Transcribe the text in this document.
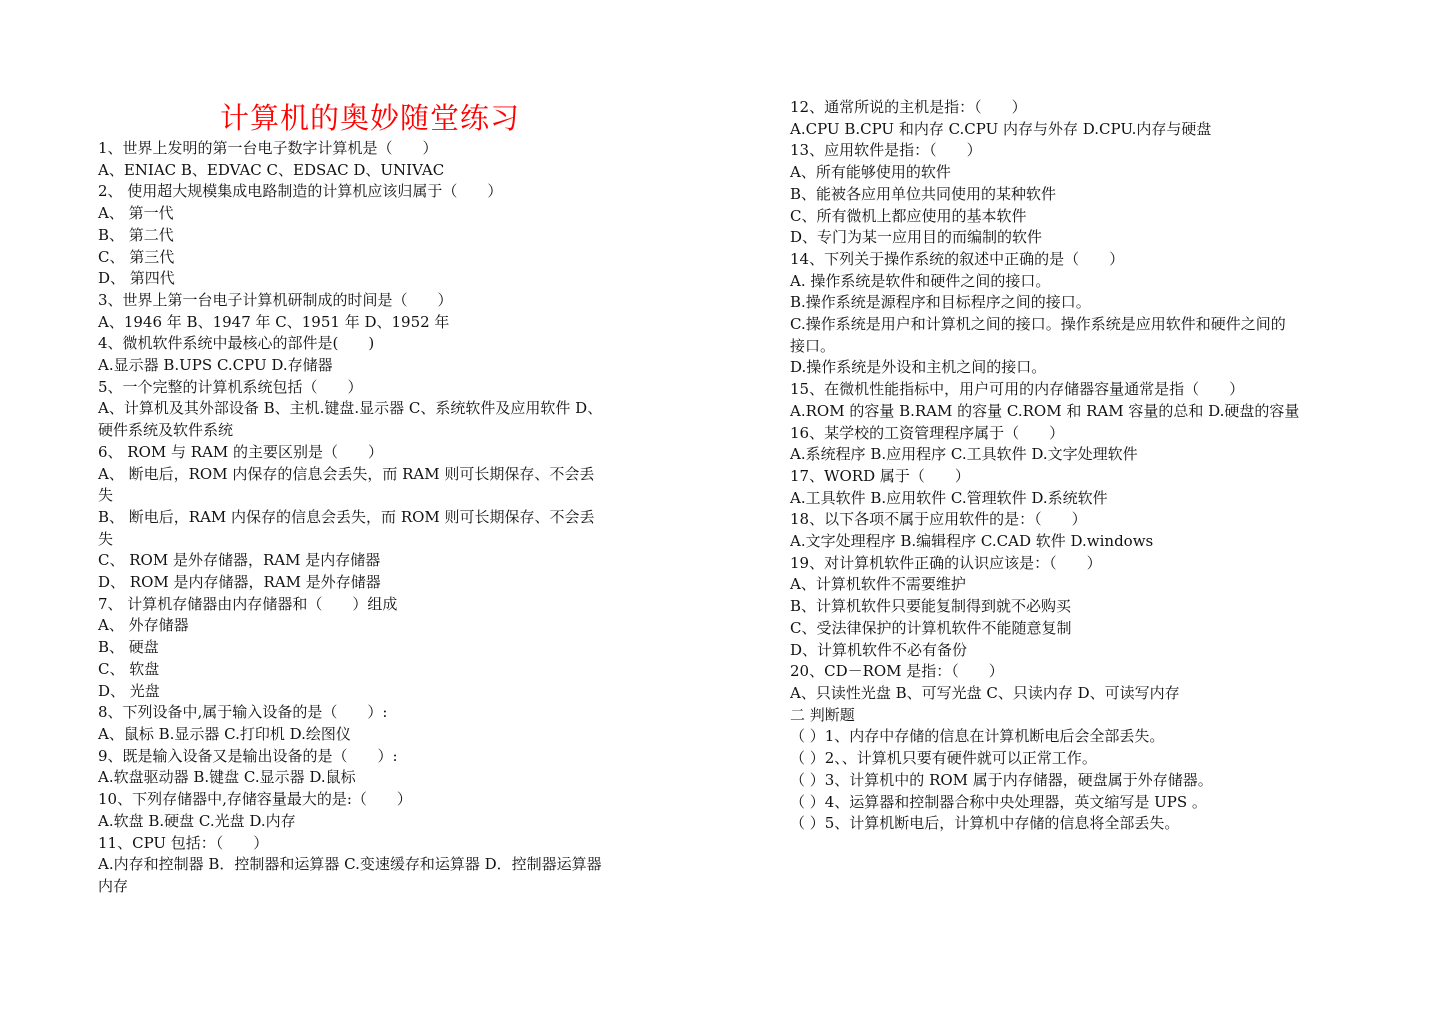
计算机的奥妙随堂练习
1、世界上发明的第一台电子数字计算机是（　　）
A、ENIAC B、EDVAC C、EDSAC D、UNIVAC
2、 使用超大规模集成电路制造的计算机应该归属于（　　）
A、 第一代
B、 第二代
C、 第三代
D、 第四代
3、世界上第一台电子计算机研制成的时间是（　　）
A、1946 年 B、1947 年 C、1951 年 D、1952 年
4、微机软件系统中最核心的部件是(　　)
A.显示器 B.UPS C.CPU D.存储器
5、一个完整的计算机系统包括（　　）
A、计算机及其外部设备 B、主机.键盘.显示器 C、系统软件及应用软件 D、
硬件系统及软件系统
6、 ROM 与 RAM 的主要区别是（　　）
A、 断电后，ROM 内保存的信息会丢失，而 RAM 则可长期保存、不会丢
失
B、 断电后，RAM 内保存的信息会丢失，而 ROM 则可长期保存、不会丢
失
C、 ROM 是外存储器，RAM 是内存储器
D、 ROM 是内存储器，RAM 是外存储器
7、 计算机存储器由内存储器和（　　）组成
A、 外存储器
B、 硬盘
C、 软盘
D、 光盘
8、下列设备中,属于输入设备的是（　　）:
A、鼠标 B.显示器 C.打印机 D.绘图仪
9、既是输入设备又是输出设备的是（　　）:
A.软盘驱动器 B.键盘 C.显示器 D.鼠标
10、下列存储器中,存储容量最大的是:（　　）
A.软盘 B.硬盘 C.光盘 D.内存
11、CPU 包括：（　　）
A.内存和控制器 B．控制器和运算器 C.变速缓存和运算器 D．控制器运算器
内存
12、通常所说的主机是指：（　　）
A.CPU B.CPU 和内存 C.CPU 内存与外存 D.CPU.内存与硬盘
13、应用软件是指：（　　）
A、所有能够使用的软件
B、能被各应用单位共同使用的某种软件
C、所有微机上都应使用的基本软件
D、专门为某一应用目的而编制的软件
14、下列关于操作系统的叙述中正确的是（　　）
A. 操作系统是软件和硬件之间的接口。
B.操作系统是源程序和目标程序之间的接口。
C.操作系统是用户和计算机之间的接口。操作系统是应用软件和硬件之间的
接口。
D.操作系统是外设和主机之间的接口。
15、在微机性能指标中，用户可用的内存储器容量通常是指（　　）
A.ROM 的容量 B.RAM 的容量 C.ROM 和 RAM 容量的总和 D.硬盘的容量
16、某学校的工资管理程序属于（　　）
A.系统程序 B.应用程序 C.工具软件 D.文字处理软件
17、WORD 属于（　　）
A.工具软件 B.应用软件 C.管理软件 D.系统软件
18、以下各项不属于应用软件的是：（　　）
A.文字处理程序 B.编辑程序 C.CAD 软件 D.windows
19、对计算机软件正确的认识应该是：（　　）
A、计算机软件不需要维护
B、计算机软件只要能复制得到就不必购买
C、受法律保护的计算机软件不能随意复制
D、计算机软件不必有备份
20、CD－ROM 是指：（　　）
A、只读性光盘 B、可写光盘 C、只读内存 D、可读写内存
二 判断题
（ ）1、内存中存储的信息在计算机断电后会全部丢失。
（ ）2、、计算机只要有硬件就可以正常工作。
（ ）3、计算机中的 ROM 属于内存储器，硬盘属于外存储器。
（ ）4、运算器和控制器合称中央处理器，英文缩写是 UPS 。
（ ）5、计算机断电后，计算机中存储的信息将全部丢失。
